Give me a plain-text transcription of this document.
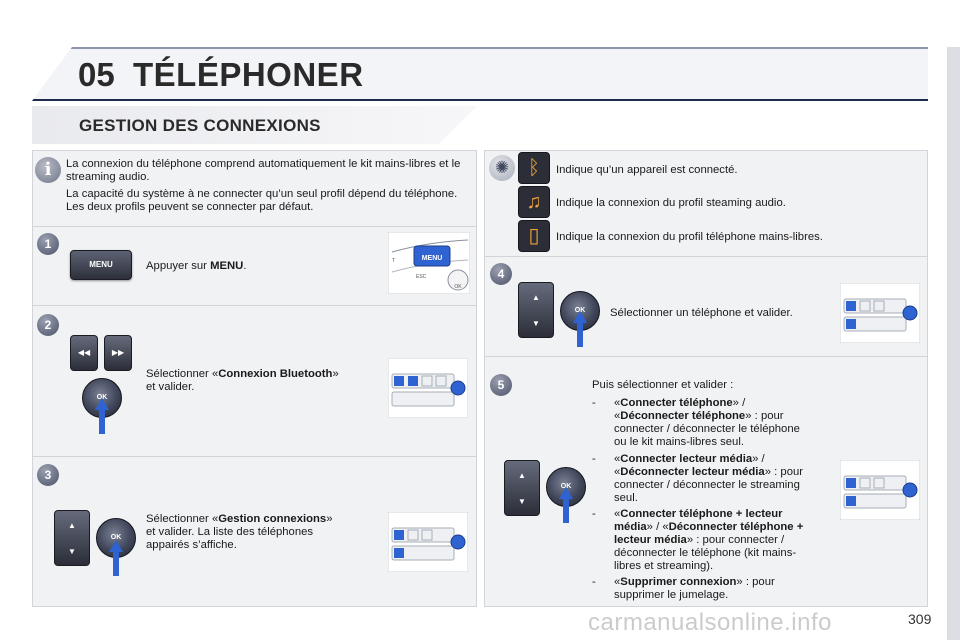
05 TÉLÉPHONER
GESTION DES CONNEXIONS
i	La connexion du téléphone comprend automatiquement le kit mains-libres et le streaming audio.
La capacité du système à ne connecter qu’un seul profil dépend du téléphone. Les deux profils peuvent se connecter par défaut.
1
MENU	Appuyer sur MENU.
MENU
ESC
T
OK
2
◀◀	▶▶
OK
Sélectionner «Connexion Bluetooth»
et valider.
3
▲
▼
OK
Sélectionner «Gestion connexions»
et valider. La liste des téléphones
appairés s’affiche.
✺ ᛒ	Indique qu’un appareil est connecté.
♫	Indique la connexion du profil steaming audio.
▯	Indique la connexion du profil téléphone mains-libres.
4
▲
▼
OK	Sélectionner un téléphone et valider.
5
▲
▼
OK
Puis sélectionner et valider :
- «Connecter téléphone» /
«Déconnecter téléphone» : pour
connecter / déconnecter le téléphone
ou le kit mains-libres seul.
- «Connecter lecteur média» /
«Déconnecter lecteur média» : pour
connecter / déconnecter le streaming
seul.
- «Connecter téléphone + lecteur
média» / «Déconnecter téléphone +
lecteur média» : pour connecter /
déconnecter le téléphone (kit mains-
libres et streaming).
- «Supprimer connexion» : pour
supprimer le jumelage.
carmanualsonline.info	309
